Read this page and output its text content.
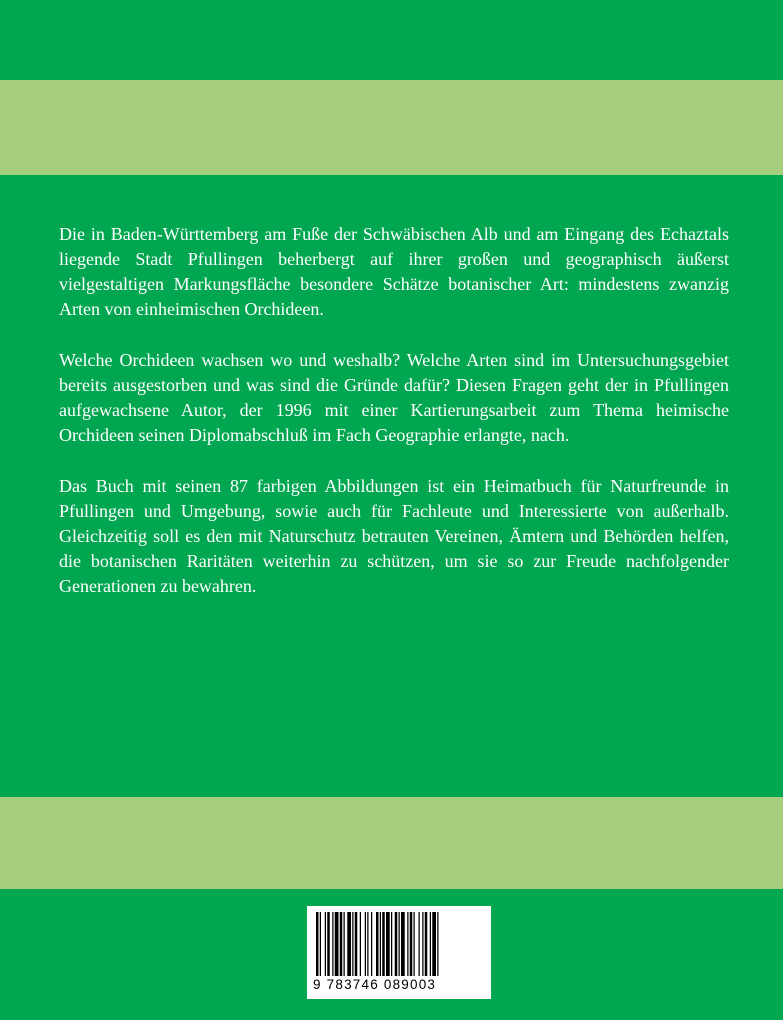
Die in Baden-Württemberg am Fuße der Schwäbischen Alb und am Eingang des Echaztals liegende Stadt Pfullingen beherbergt auf ihrer großen und geographisch äußerst vielgestaltigen Markungsfläche besondere Schätze botanischer Art: mindestens zwanzig Arten von einheimischen Orchideen.

Welche Orchideen wachsen wo und weshalb? Welche Arten sind im Untersuchungsgebiet bereits ausgestorben und was sind die Gründe dafür? Diesen Fragen geht der in Pfullingen aufgewachsene Autor, der 1996 mit einer Kartierungsarbeit zum Thema heimische Orchideen seinen Diplomabschluß im Fach Geographie erlangte, nach.

Das Buch mit seinen 87 farbigen Abbildungen ist ein Heimatbuch für Naturfreunde in Pfullingen und Umgebung, sowie auch für Fachleute und Interessierte von außerhalb. Gleichzeitig soll es den mit Naturschutz betrauten Vereinen, Ämtern und Behörden helfen, die botanischen Raritäten weiterhin zu schützen, um sie so zur Freude nachfolgender Generationen zu bewahren.

9 783746 089003
